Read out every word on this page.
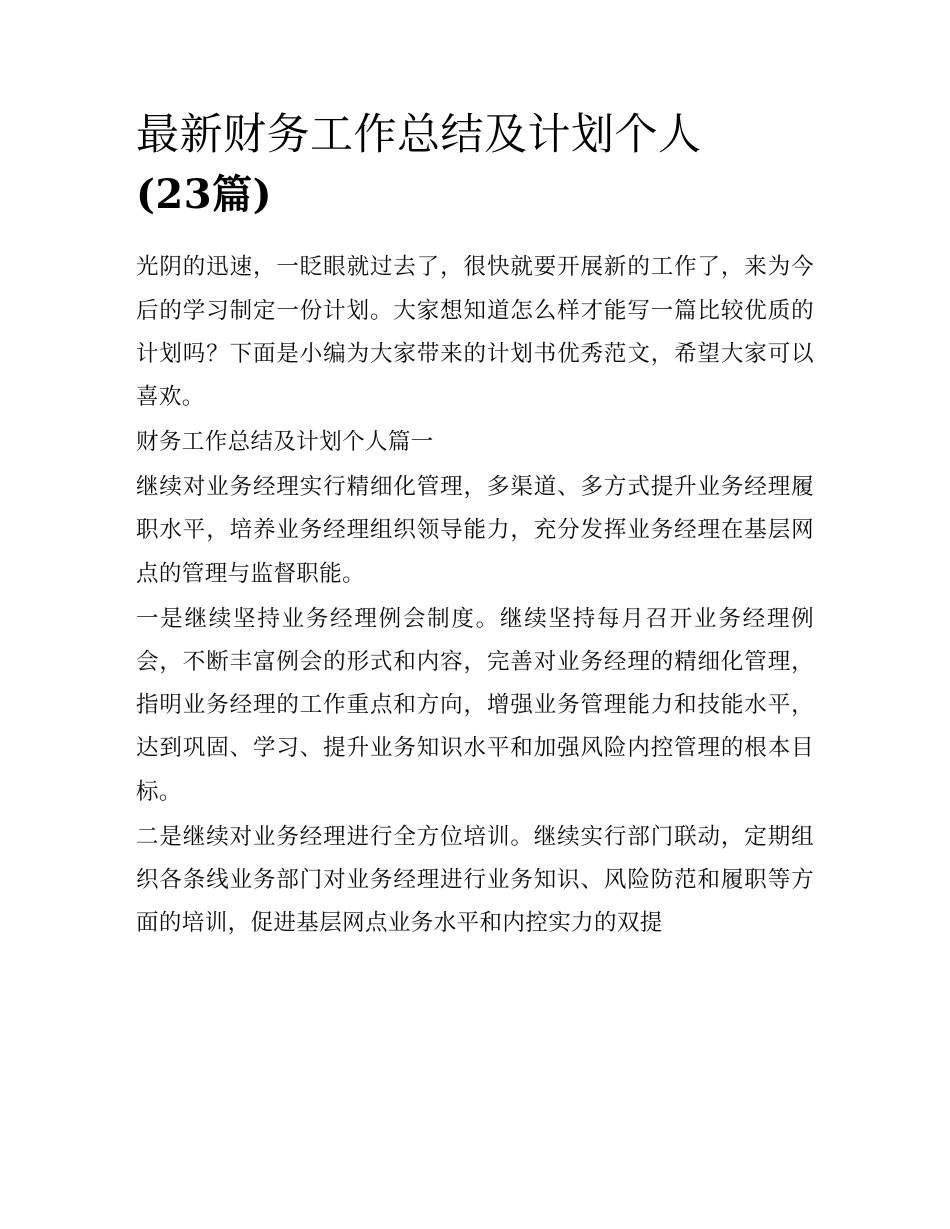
最新财务工作总结及计划个人
(23篇)

光阴的迅速，一眨眼就过去了，很快就要开展新的工作了，来为今后的学习制定一份计划。大家想知道怎么样才能写一篇比较优质的计划吗？下面是小编为大家带来的计划书优秀范文，希望大家可以喜欢。

财务工作总结及计划个人篇一

继续对业务经理实行精细化管理，多渠道、多方式提升业务经理履职水平，培养业务经理组织领导能力，充分发挥业务经理在基层网点的管理与监督职能。

一是继续坚持业务经理例会制度。继续坚持每月召开业务经理例会，不断丰富例会的形式和内容，完善对业务经理的精细化管理，指明业务经理的工作重点和方向，增强业务管理能力和技能水平，达到巩固、学习、提升业务知识水平和加强风险内控管理的根本目标。

二是继续对业务经理进行全方位培训。继续实行部门联动，定期组织各条线业务部门对业务经理进行业务知识、风险防范和履职等方面的培训，促进基层网点业务水平和内控实力的双提
